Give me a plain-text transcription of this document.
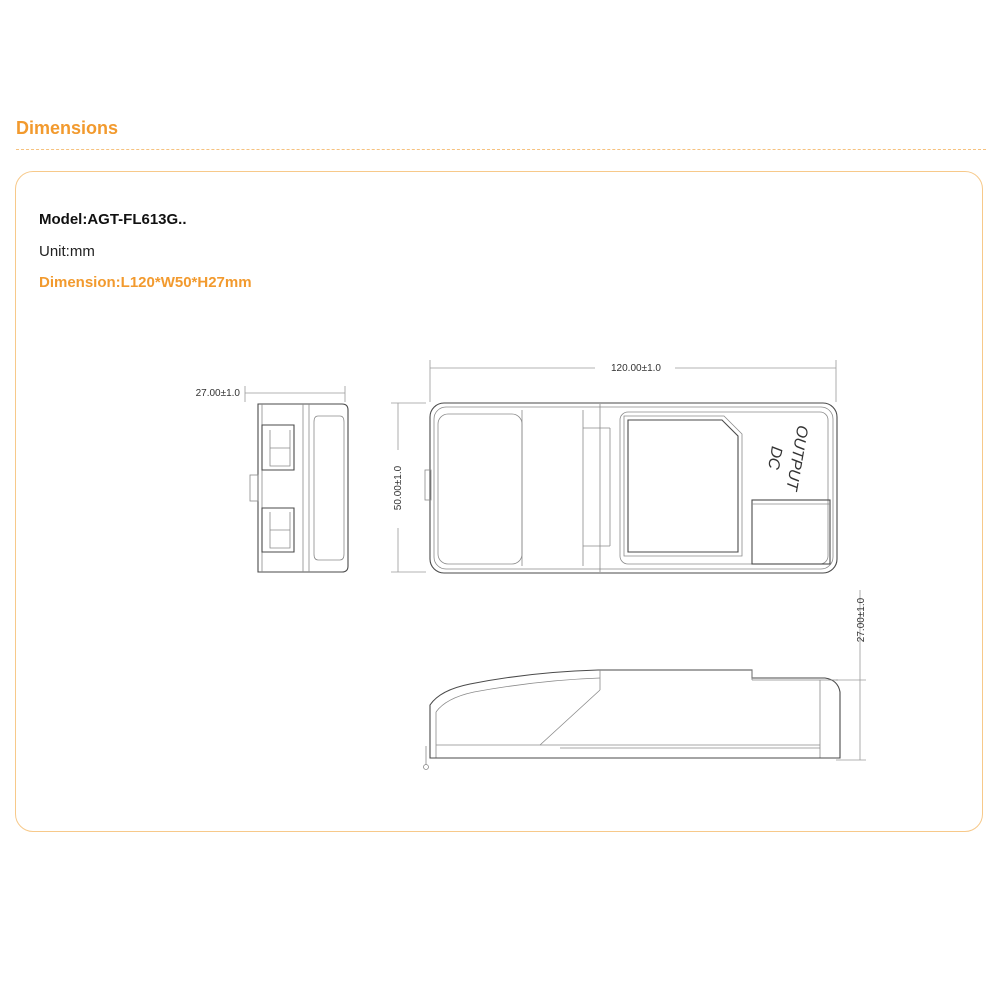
Dimensions

Model:AGT-FL613G..

Unit:mm

Dimension:L120*W50*H27mm

27.00±1.0
120.00±1.0
50.00±1.0
DC
OUTPUT
27.00±1.0
